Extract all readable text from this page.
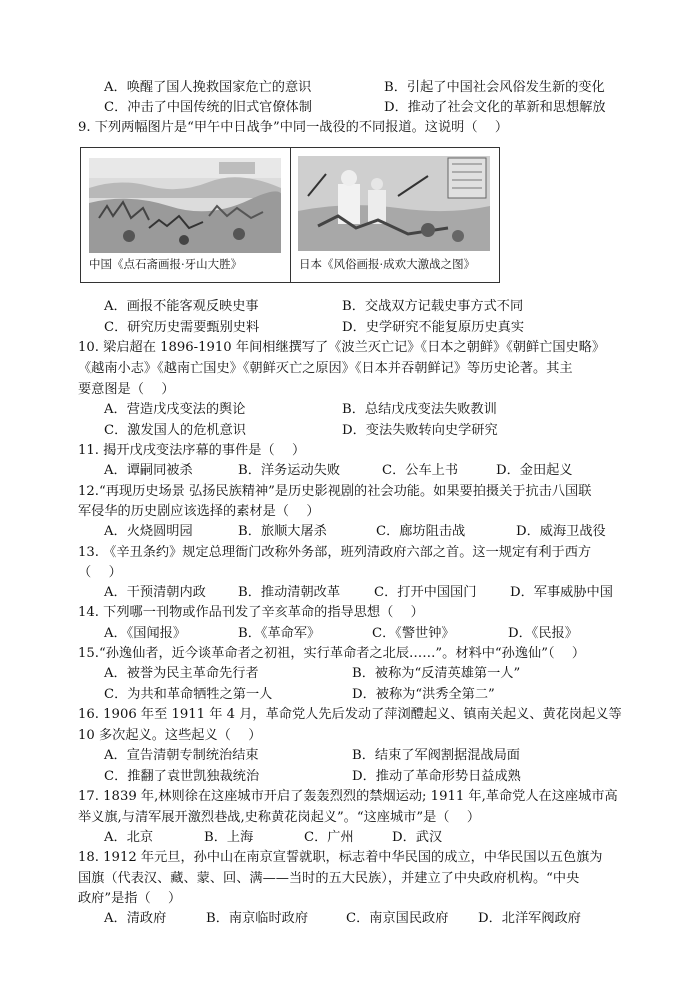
A．唤醒了国人挽救国家危亡的意识	B．引起了中国社会风俗发生新的变化
C．冲击了中国传统的旧式官僚体制	D．推动了社会文化的革新和思想解放
9. 下列两幅图片是“甲午中日战争”中同一战役的不同报道。这说明（　 ）
中国《点石斋画报·牙山大胜》	日本《风俗画报·成欢大激战之图》
A．画报不能客观反映史事	B．交战双方记载史事方式不同
C．研究历史需要甄别史料	D．史学研究不能复原历史真实
10. 梁启超在 1896-1910 年间相继撰写了《波兰灭亡记》《日本之朝鲜》《朝鲜亡国史略》
《越南小志》《越南亡国史》《朝鲜灭亡之原因》《日本并吞朝鲜记》等历史论著。其主
要意图是（　 ）
A．营造戊戌变法的舆论	B．总结戊戌变法失败教训
C．激发国人的危机意识	D．变法失败转向史学研究
11. 揭开戊戌变法序幕的事件是（　 ）
A．谭嗣同被杀	B．洋务运动失败	C．公车上书	D．金田起义
12.“再现历史场景 弘扬民族精神”是历史影视剧的社会功能。如果要拍摄关于抗击八国联
军侵华的历史剧应该选择的素材是（　 ）
A．火烧圆明园	B．旅顺大屠杀	C．廊坊阻击战	D．威海卫战役
13. 《辛丑条约》规定总理衙门改称外务部，班列清政府六部之首。这一规定有利于西方
（　 ）
A．干预清朝内政 B．推动清朝改革	C．打开中国国门	D．军事威胁中国
14. 下列哪一刊物或作品刊发了辛亥革命的指导思想（　 ）
A．《国闻报》	B．《革命军》	C．《警世钟》	D．《民报》
15.“孙逸仙者，近今谈革命者之初祖，实行革命者之北辰……”。材料中“孙逸仙”（　 ）
A．被誉为民主革命先行者	B．被称为“反清英雄第一人”
C．为共和革命牺牲之第一人	D．被称为“洪秀全第二”
16. 1906 年至 1911 年 4 月，革命党人先后发动了萍浏醴起义、镇南关起义、黄花岗起义等
10 多次起义。这些起义（　 ）
A．宣告清朝专制统治结束	B．结束了军阀割据混战局面
C．推翻了袁世凯独裁统治	D．推动了革命形势日益成熟
17. 1839 年,林则徐在这座城市开启了轰轰烈烈的禁烟运动; 1911 年,革命党人在这座城市高
举义旗,与清军展开激烈巷战,史称黄花岗起义”。“这座城市”是（　 ）
A．北京	B．上海	C．广州	D．武汉
18. 1912 年元旦，孙中山在南京宣誓就职，标志着中华民国的成立，中华民国以五色旗为
国旗（代表汉、藏、蒙、回、满——当时的五大民族），并建立了中央政府机构。“中央
政府”是指（　 ）
A．清政府	B．南京临时政府	C．南京国民政府 D．北洋军阀政府
